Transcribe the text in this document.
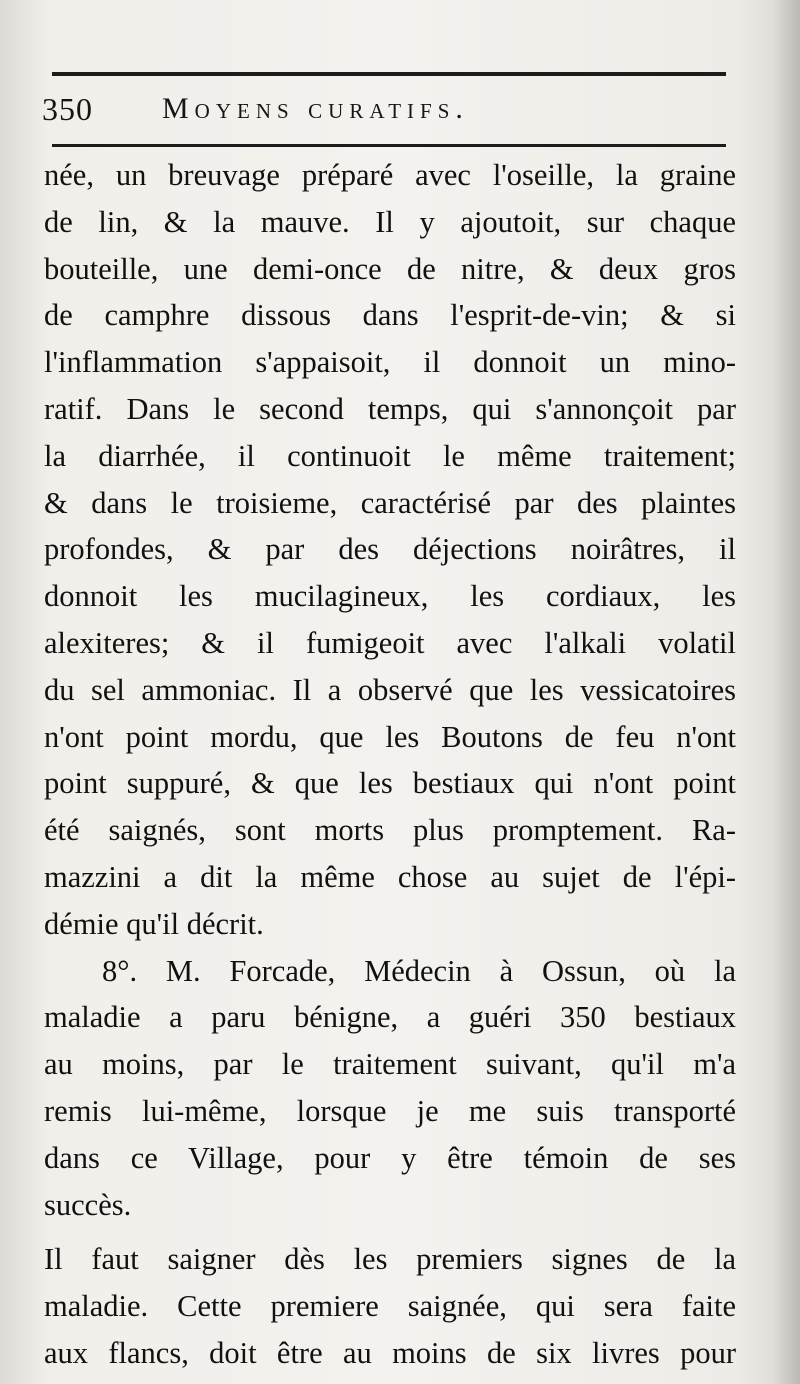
350	Moyens curatifs.
née, un breuvage préparé avec l'oseille, la graine
de lin, & la mauve. Il y ajoutoit, sur chaque
bouteille, une demi-once de nitre, & deux gros
de camphre dissous dans l'esprit-de-vin; & si
l'inflammation s'appaisoit, il donnoit un mino-
ratif. Dans le second temps, qui s'annonçoit par
la diarrhée, il continuoit le même traitement;
& dans le troisieme, caractérisé par des plaintes
profondes, & par des déjections noirâtres, il
donnoit les mucilagineux, les cordiaux, les
alexiteres; & il fumigeoit avec l'alkali volatil
du sel ammoniac. Il a observé que les vessicatoires
n'ont point mordu, que les Boutons de feu n'ont
point suppuré, & que les bestiaux qui n'ont point
été saignés, sont morts plus promptement. Ra-
mazzini a dit la même chose au sujet de l'épi-
démie qu'il décrit.
8°. M. Forcade, Médecin à Ossun, où la
maladie a paru bénigne, a guéri 350 bestiaux
au moins, par le traitement suivant, qu'il m'a
remis lui-même, lorsque je me suis transporté
dans ce Village, pour y être témoin de ses
succès.
Il faut saigner dès les premiers signes de la
maladie. Cette premiere saignée, qui sera faite
aux flancs, doit être au moins de six livres pour
